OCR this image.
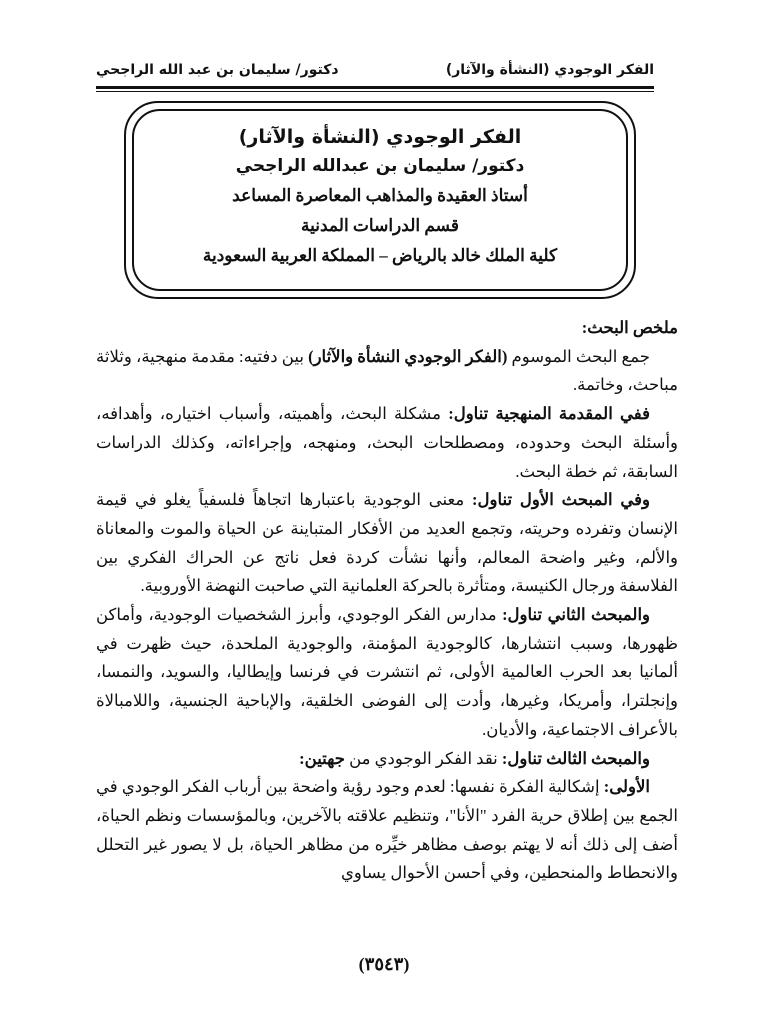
الفكر الوجودي (النشأة والآثار)
دكتور/ سليمان بن عبد الله الراجحي
الفكر الوجودي (النشأة والآثار)
دكتور/ سليمان بن عبدالله الراجحي
أستاذ العقيدة والمذاهب المعاصرة المساعد
قسم الدراسات المدنية
كلية الملك خالد بالرياض – المملكة العربية السعودية

ملخص البحث:

جمع البحث الموسوم (الفكر الوجودي النشأة والآثار) بين دفتيه: مقدمة منهجية، وثلاثة مباحث، وخاتمة.

ففي المقدمة المنهجية تناول: مشكلة البحث، وأهميته، وأسباب اختياره، وأهدافه، وأسئلة البحث وحدوده، ومصطلحات البحث، ومنهجه، وإجراءاته، وكذلك الدراسات السابقة، ثم خطة البحث.

وفي المبحث الأول تناول: معنى الوجودية باعتبارها اتجاهاً فلسفياً يغلو في قيمة الإنسان وتفرده وحريته، وتجمع العديد من الأفكار المتباينة عن الحياة والموت والمعاناة والألم، وغير واضحة المعالم، وأنها نشأت كردة فعل ناتج عن الحراك الفكري بين الفلاسفة ورجال الكنيسة، ومتأثرة بالحركة العلمانية التي صاحبت النهضة الأوروبية.

والمبحث الثاني تناول: مدارس الفكر الوجودي، وأبرز الشخصيات الوجودية، وأماكن ظهورها، وسبب انتشارها، كالوجودية المؤمنة، والوجودية الملحدة، حيث ظهرت في ألمانيا بعد الحرب العالمية الأولى، ثم انتشرت في فرنسا وإيطاليا، والسويد، والنمسا، وإنجلترا، وأمريكا، وغيرها، وأدت إلى الفوضى الخلقية، والإباحية الجنسية، واللامبالاة بالأعراف الاجتماعية، والأديان.

والمبحث الثالث تناول: نقد الفكر الوجودي من جهتين:

الأولى: إشكالية الفكرة نفسها: لعدم وجود رؤية واضحة بين أرباب الفكر الوجودي في الجمع بين إطلاق حرية الفرد "الأنا"، وتنظيم علاقته بالآخرين، وبالمؤسسات ونظم الحياة، أضف إلى ذلك أنه لا يهتم بوصف مظاهر خيِّره من مظاهر الحياة، بل لا يصور غير التحلل والانحطاط والمنحطين، وفي أحسن الأحوال يساوي

(٣٥٤٣)
